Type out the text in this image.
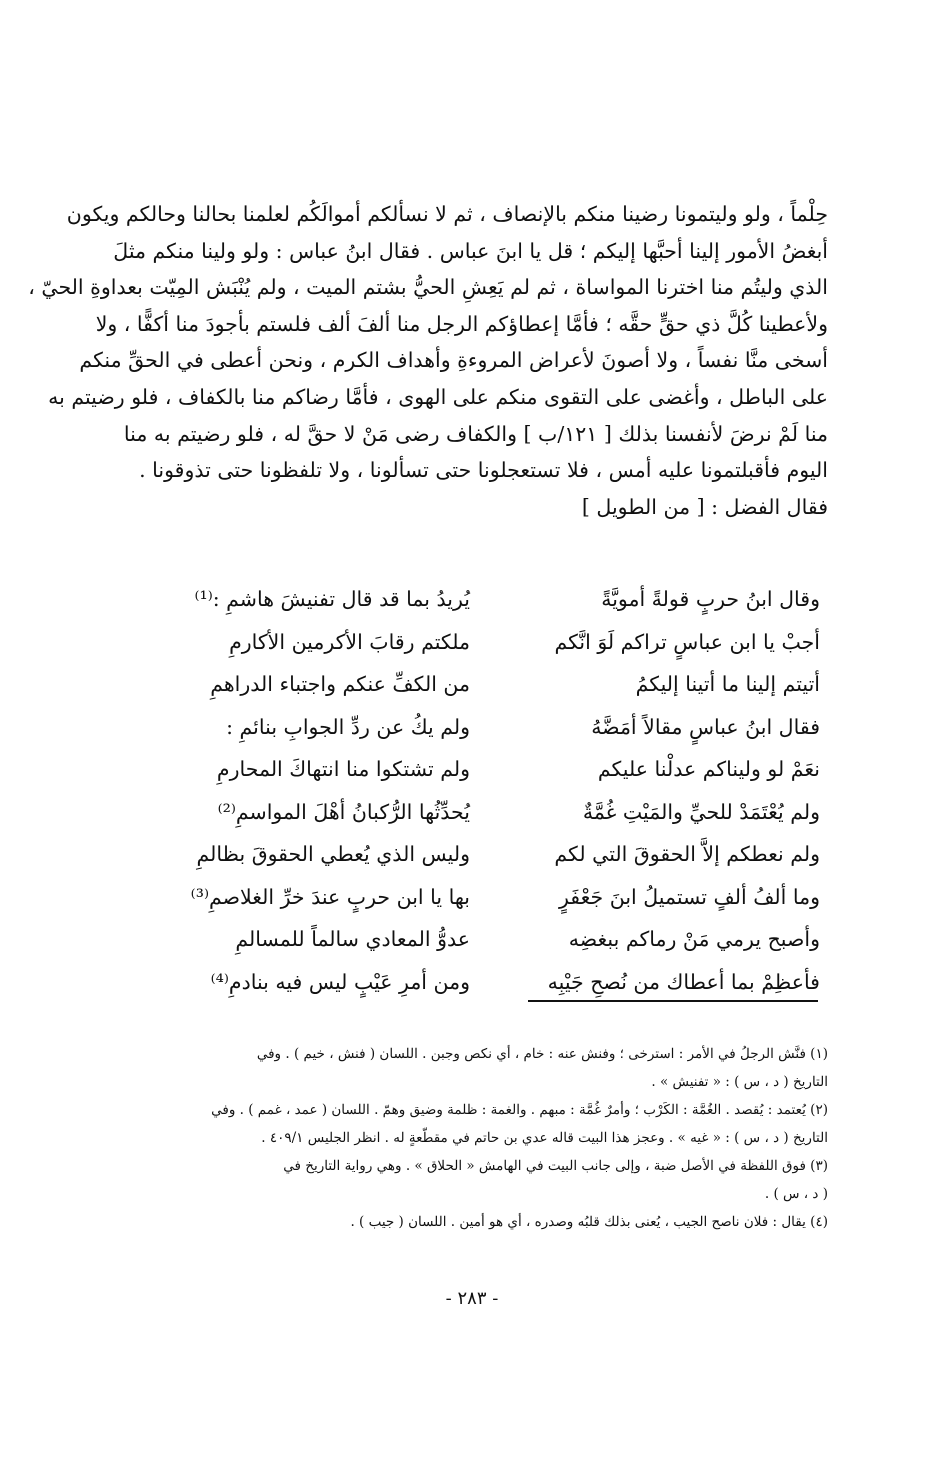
حِلْماً ، ولو وليتمونا رضينا منكم بالإنصاف ، ثم لا نسألكم أموالَكُم لعلمنا بحالنا وحالكم ويكون
أبغضُ الأمور إلينا أحبَّها إليكم ؛ قل يا ابنَ عباس . فقال ابنُ عباس : ولو ولينا منكم مثلَ
الذي وليتُم منا اخترنا المواساة ، ثم لم يَعِشِ الحيُّ بشتم الميت ، ولم يُنْبَش المِيّت بعداوةِ الحيّ ،
ولأعطينا كُلَّ ذي حقٍّ حقَّه ؛ فأمَّا إعطاؤكم الرجل منا ألفَ ألف فلستم بأجودَ منا أكفًّا ، ولا
أسخى منَّا نفساً ، ولا أصونَ لأعراض المروءةِ وأهداف الكرم ، ونحن أعطى في الحقِّ منكم
على الباطل ، وأغضى على التقوى منكم على الهوى ، فأمَّا رضاكم منا بالكفاف ، فلو رضيتم به
منا لَمْ نرضَ لأنفسنا بذلك [ ١٢١/ب ] والكفاف رضى مَنْ لا حقَّ له ، فلو رضيتم به منا
اليوم فأقبلتمونا عليه أمس ، فلا تستعجلونا حتى تسألونا ، ولا تلفظونا حتى تذوقونا .
فقال الفضل : [ من الطويل ]
وقال ابنُ حربٍ قولةً أمويَّةً
يُريدُ بما قد قال تفنيشَ هاشمِ :⁽¹⁾
أجبْ يا ابن عباسٍ تراكم لَوَ انَّكم
ملكتم رقابَ الأكرمين الأكارمِ
أتيتم إلينا ما أتينا إليكمُ
من الكفِّ عنكم واجتباء الدراهمِ
فقال ابنُ عباسٍ مقالاً أمَضَّهُ
ولم يكُ عن ردِّ الجوابِ بنائمِ :
نعَمْ لو وليناكم عدلْنا عليكم
ولم تشتكوا منا انتهاكَ المحارمِ
ولم يُعْتَمَدْ للحيِّ والمَيْتِ غُمَّةٌ
يُحدِّثُها الرُّكبانُ أهْلَ المواسمِ⁽²⁾
ولم نعطكم إلاَّ الحقوقَ التي لكم
وليس الذي يُعطي الحقوقَ بظالمِ
وما ألفُ ألفٍ تستميلُ ابنَ جَعْفَرٍ
بها يا ابن حربٍ عندَ خرِّ الغلاصمِ⁽³⁾
وأصبح يرمي مَنْ رماكم ببغضِه
عدوُّ المعادي سالماً للمسالمِ
فأعظِمْ بما أعطاك من نُصحِ جَيْبِه
ومن أمرِ عَيْبٍ ليس فيه بنادمِ⁽⁴⁾
(١) فنَّش الرجلُ في الأمر : استرخى ؛ وفنش عنه : خام ، أي نكص وجبن . اللسان ( فنش ، خيم ) . وفي
التاريخ ( د ، س ) : « تفنيش » .
(٢) يُعتمد : يُقصد . الغُمَّة : الكَرْب ؛ وأمرٌ غُمَّة : مبهم . والغمة : ظلمة وضيق وهمّ . اللسان ( عمد ، غمم ) . وفي
التاريخ ( د ، س ) : « غيه » . وعجز هذا البيت قاله عدي بن حاتم في مقطّعةٍ له . انظر الجليس ٤٠٩/١ .
(٣) فوق اللفظة في الأصل ضبة ، وإلى جانب البيت في الهامش « الحلاق » . وهي رواية التاريخ في
( د ، س ) .
(٤) يقال : فلان ناصح الجيب ، يُعنى بذلك قلبُه وصدره ، أي هو أمين . اللسان ( جيب ) .
- ٢٨٣ -
